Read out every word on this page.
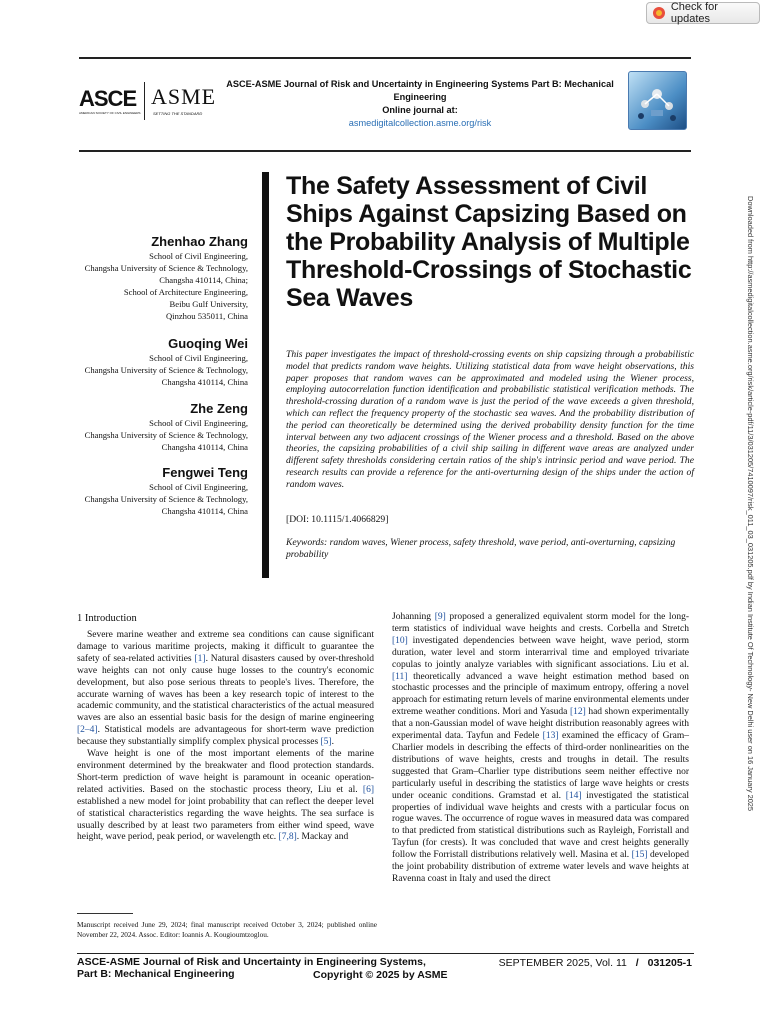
Check for updates
ASCE
AMERICAN SOCIETY OF CIVIL ENGINEERS
ASME
SETTING THE STANDARD
ASCE-ASME Journal of Risk and Uncertainty in Engineering Systems Part B: Mechanical Engineering
Online journal at:
asmedigitalcollection.asme.org/risk
Downloaded from http://asmedigitalcollection.asme.org/risk/article-pdf/11/3/031205/7410097/risk_011_03_031205.pdf by Indian Institute Of Technology- New Delhi user on 16 January 2025
The Safety Assessment of Civil Ships Against Capsizing Based on the Probability Analysis of Multiple Threshold-Crossings of Stochastic Sea Waves
Zhenhao Zhang
School of Civil Engineering,
Changsha University of Science & Technology,
Changsha 410114, China;
School of Architecture Engineering,
Beibu Gulf University,
Qinzhou 535011, China
Guoqing Wei
School of Civil Engineering,
Changsha University of Science & Technology,
Changsha 410114, China
Zhe Zeng
School of Civil Engineering,
Changsha University of Science & Technology,
Changsha 410114, China
Fengwei Teng
School of Civil Engineering,
Changsha University of Science & Technology,
Changsha 410114, China
This paper investigates the impact of threshold-crossing events on ship capsizing through a probabilistic model that predicts random wave heights. Utilizing statistical data from wave height observations, this paper proposes that random waves can be approximated and modeled using the Wiener process, employing autocorrelation function identification and probabilistic statistical verification methods. The threshold-crossing duration of a random wave is just the period of the wave exceeds a given threshold, which can reflect the frequency property of the stochastic sea waves. And the probability distribution of the period can theoretically be determined using the derived probability density function for the time interval between any two adjacent crossings of the Wiener process and a threshold. Based on the above theories, the capsizing probabilities of a civil ship sailing in different wave areas are analyzed under different safety thresholds considering certain ratios of the ship's intrinsic period and wave period. The research results can provide a reference for the anti-overturning design of the ships under the action of random waves.
[DOI: 10.1115/1.4066829]
Keywords: random waves, Wiener process, safety threshold, wave period, anti-overturning, capsizing probability
1 Introduction

Severe marine weather and extreme sea conditions can cause significant damage to various maritime projects, making it difficult to guarantee the safety of sea-related activities [1]. Natural disasters caused by over-threshold wave heights can not only cause huge losses to the country's economic development, but also pose serious threats to people's lives. Therefore, the accurate warning of waves has been a key research topic of interest to the academic community, and the statistical characteristics of the actual measured waves are also an essential basic basis for the design of marine engineering [2–4]. Statistical models are advantageous for short-term wave prediction because they substantially simplify complex physical processes [5].

Wave height is one of the most important elements of the marine environment determined by the breakwater and flood protection standards. Short-term prediction of wave height is paramount in oceanic operation-related activities. Based on the stochastic process theory, Liu et al. [6] established a new model for joint probability that can reflect the deeper level of statistical characteristics regarding the wave heights. The sea surface is usually described by at least two parameters from either wind speed, wave height, wave period, peak period, or wavelength etc. [7,8]. Mackay and

Johanning [9] proposed a generalized equivalent storm model for the long-term statistics of individual wave heights and crests. Corbella and Stretch [10] investigated dependencies between wave height, wave period, storm duration, water level and storm interarrival time and employed trivariate copulas to jointly analyze variables with significant associations. Liu et al. [11] theoretically advanced a wave height estimation method based on stochastic processes and the principle of maximum entropy, offering a novel approach for estimating return levels of marine environmental elements under extreme weather conditions. Mori and Yasuda [12] had shown experimentally that a non-Gaussian model of wave height distribution reasonably agrees with experimental data. Tayfun and Fedele [13] examined the efficacy of Gram–Charlier models in describing the effects of third-order nonlinearities on the distributions of wave heights, crests and troughs in detail. The results suggested that Gram–Charlier type distributions seem neither effective nor particularly useful in describing the statistics of large wave heights or crests under oceanic conditions. Gramstad et al. [14] investigated the statistical properties of individual wave heights and crests with a particular focus on rogue waves. The occurrence of rogue waves in measured data was compared to that predicted from statistical distributions such as Rayleigh, Forristall and Tayfun (for crests). It was concluded that wave and crest heights generally follow the Forristall distributions relatively well. Masina et al. [15] developed the joint probability distribution of extreme water levels and wave heights at Ravenna coast in Italy and used the direct

Manuscript received June 29, 2024; final manuscript received October 3, 2024; published online November 22, 2024. Assoc. Editor: Ioannis A. Kougioumtzoglou.
ASCE-ASME Journal of Risk and Uncertainty in Engineering Systems,
Part B: Mechanical Engineering	Copyright © 2025 by ASME
SEPTEMBER 2025, Vol. 11 / 031205-1
